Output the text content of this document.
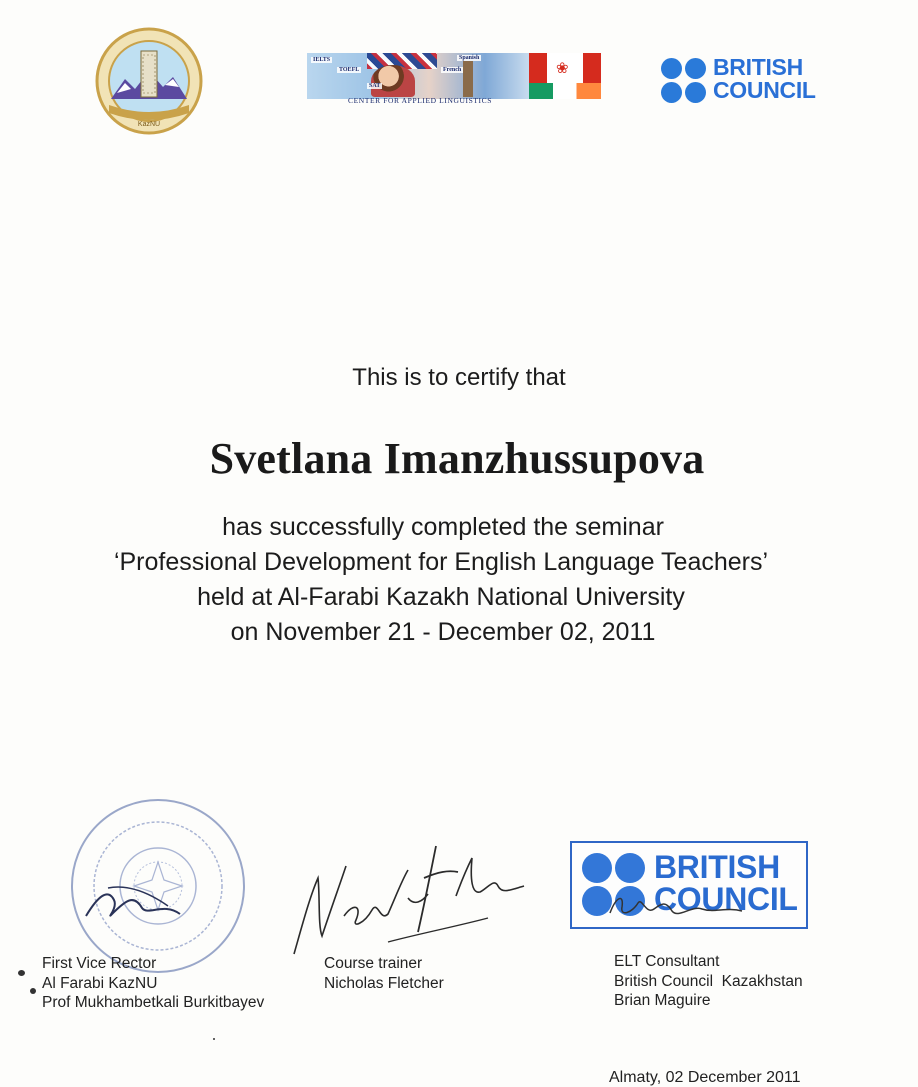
KazNU
IELTS
TOEFL
SAT
French
Spanish
❀
CENTER FOR APPLIED LINGUISTICS
BRITISH
COUNCIL
This is to certify that
Svetlana Imanzhussupova
has successfully completed the seminar
‘Professional Development for English Language Teachers’
held at Al-Farabi Kazakh National University
on November 21 - December 02, 2011
BRITISH
COUNCIL
First Vice Rector
Al Farabi KazNU
Prof Mukhambetkali Burkitbayev
Course trainer
Nicholas Fletcher
ELT Consultant
British Council  Kazakhstan
Brian Maguire
Almaty, 02 December 2011
